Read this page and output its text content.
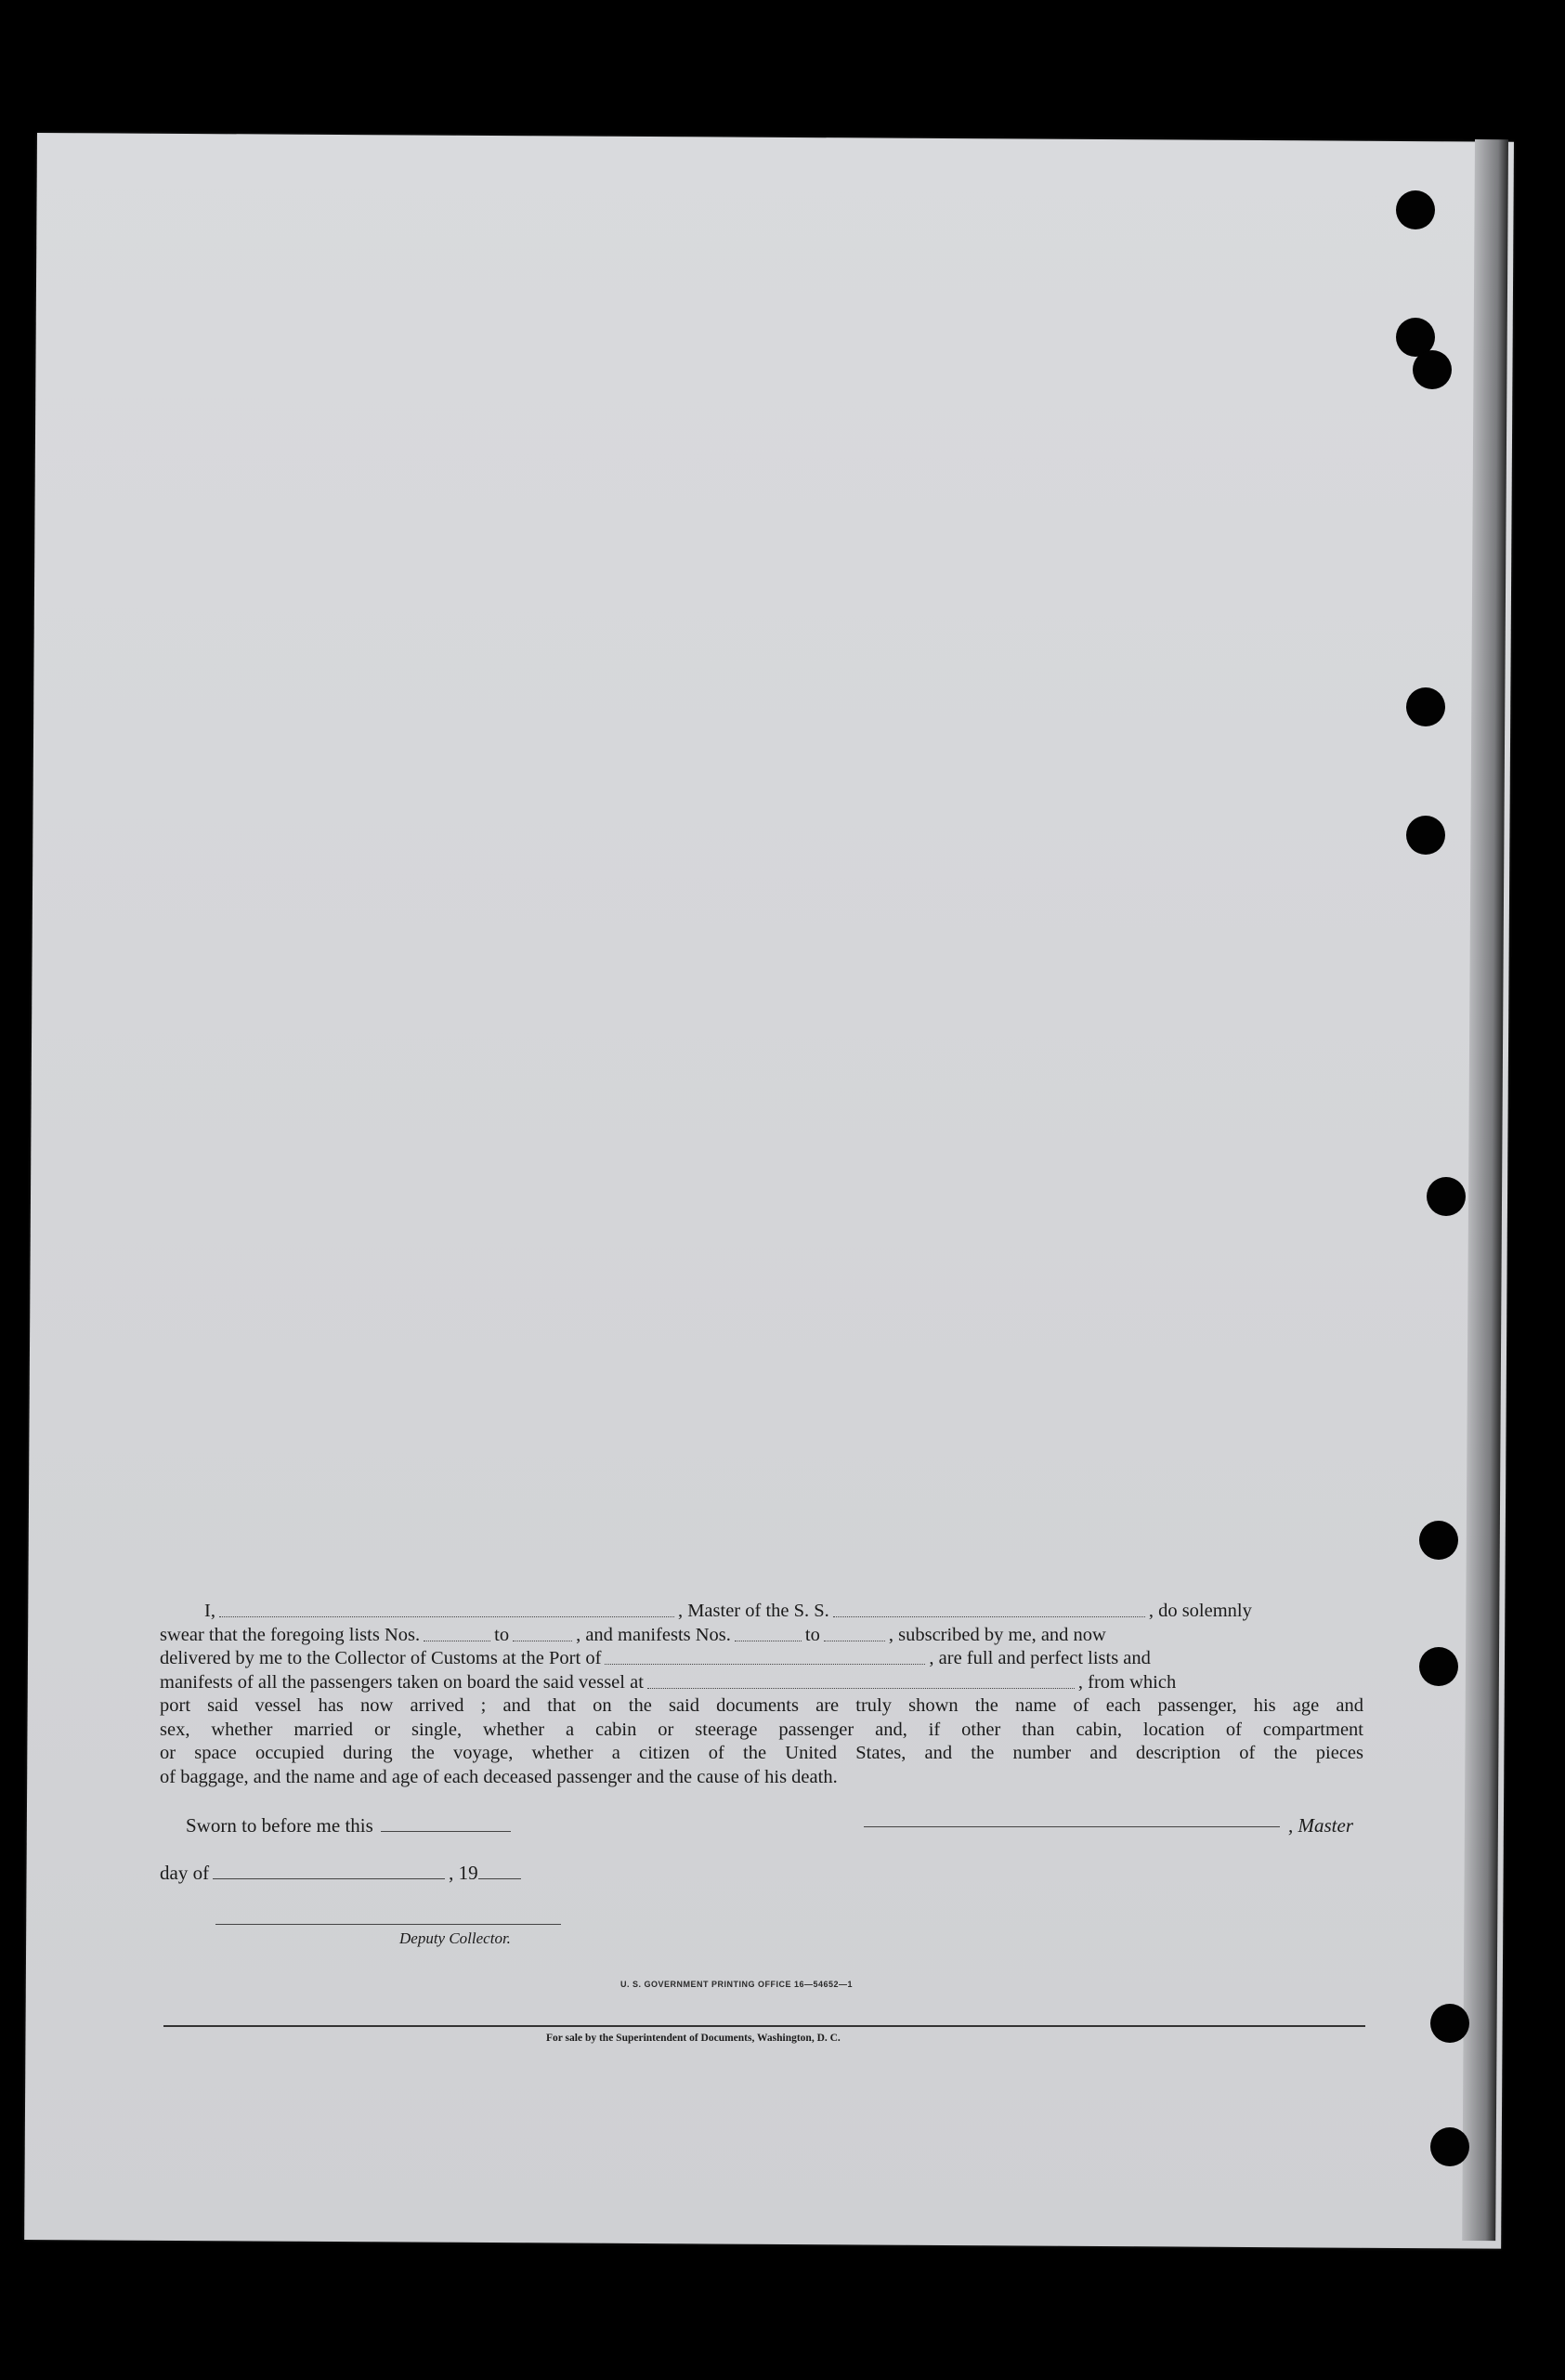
I,	, Master of the S. S.	, do solemnly
swear that the foregoing lists Nos.	to	, and manifests Nos.	to	, subscribed by me, and now
delivered by me to the Collector of Customs at the Port of	, are full and perfect lists and
manifests of all the passengers taken on board the said vessel at	, from which
port said vessel has now arrived ; and that on the said documents are truly shown the name of each passenger, his age and
sex, whether married or single, whether a cabin or steerage passenger and, if other than cabin, location of compartment
or space occupied during the voyage, whether a citizen of the United States, and the number and description of the pieces
of baggage, and the name and age of each deceased passenger and the cause of his death.
Sworn to before me this	, Master
day of	, 19
Deputy Collector.
U. S. GOVERNMENT PRINTING OFFICE 16—54652—1
For sale by the Superintendent of Documents, Washington, D. C.
